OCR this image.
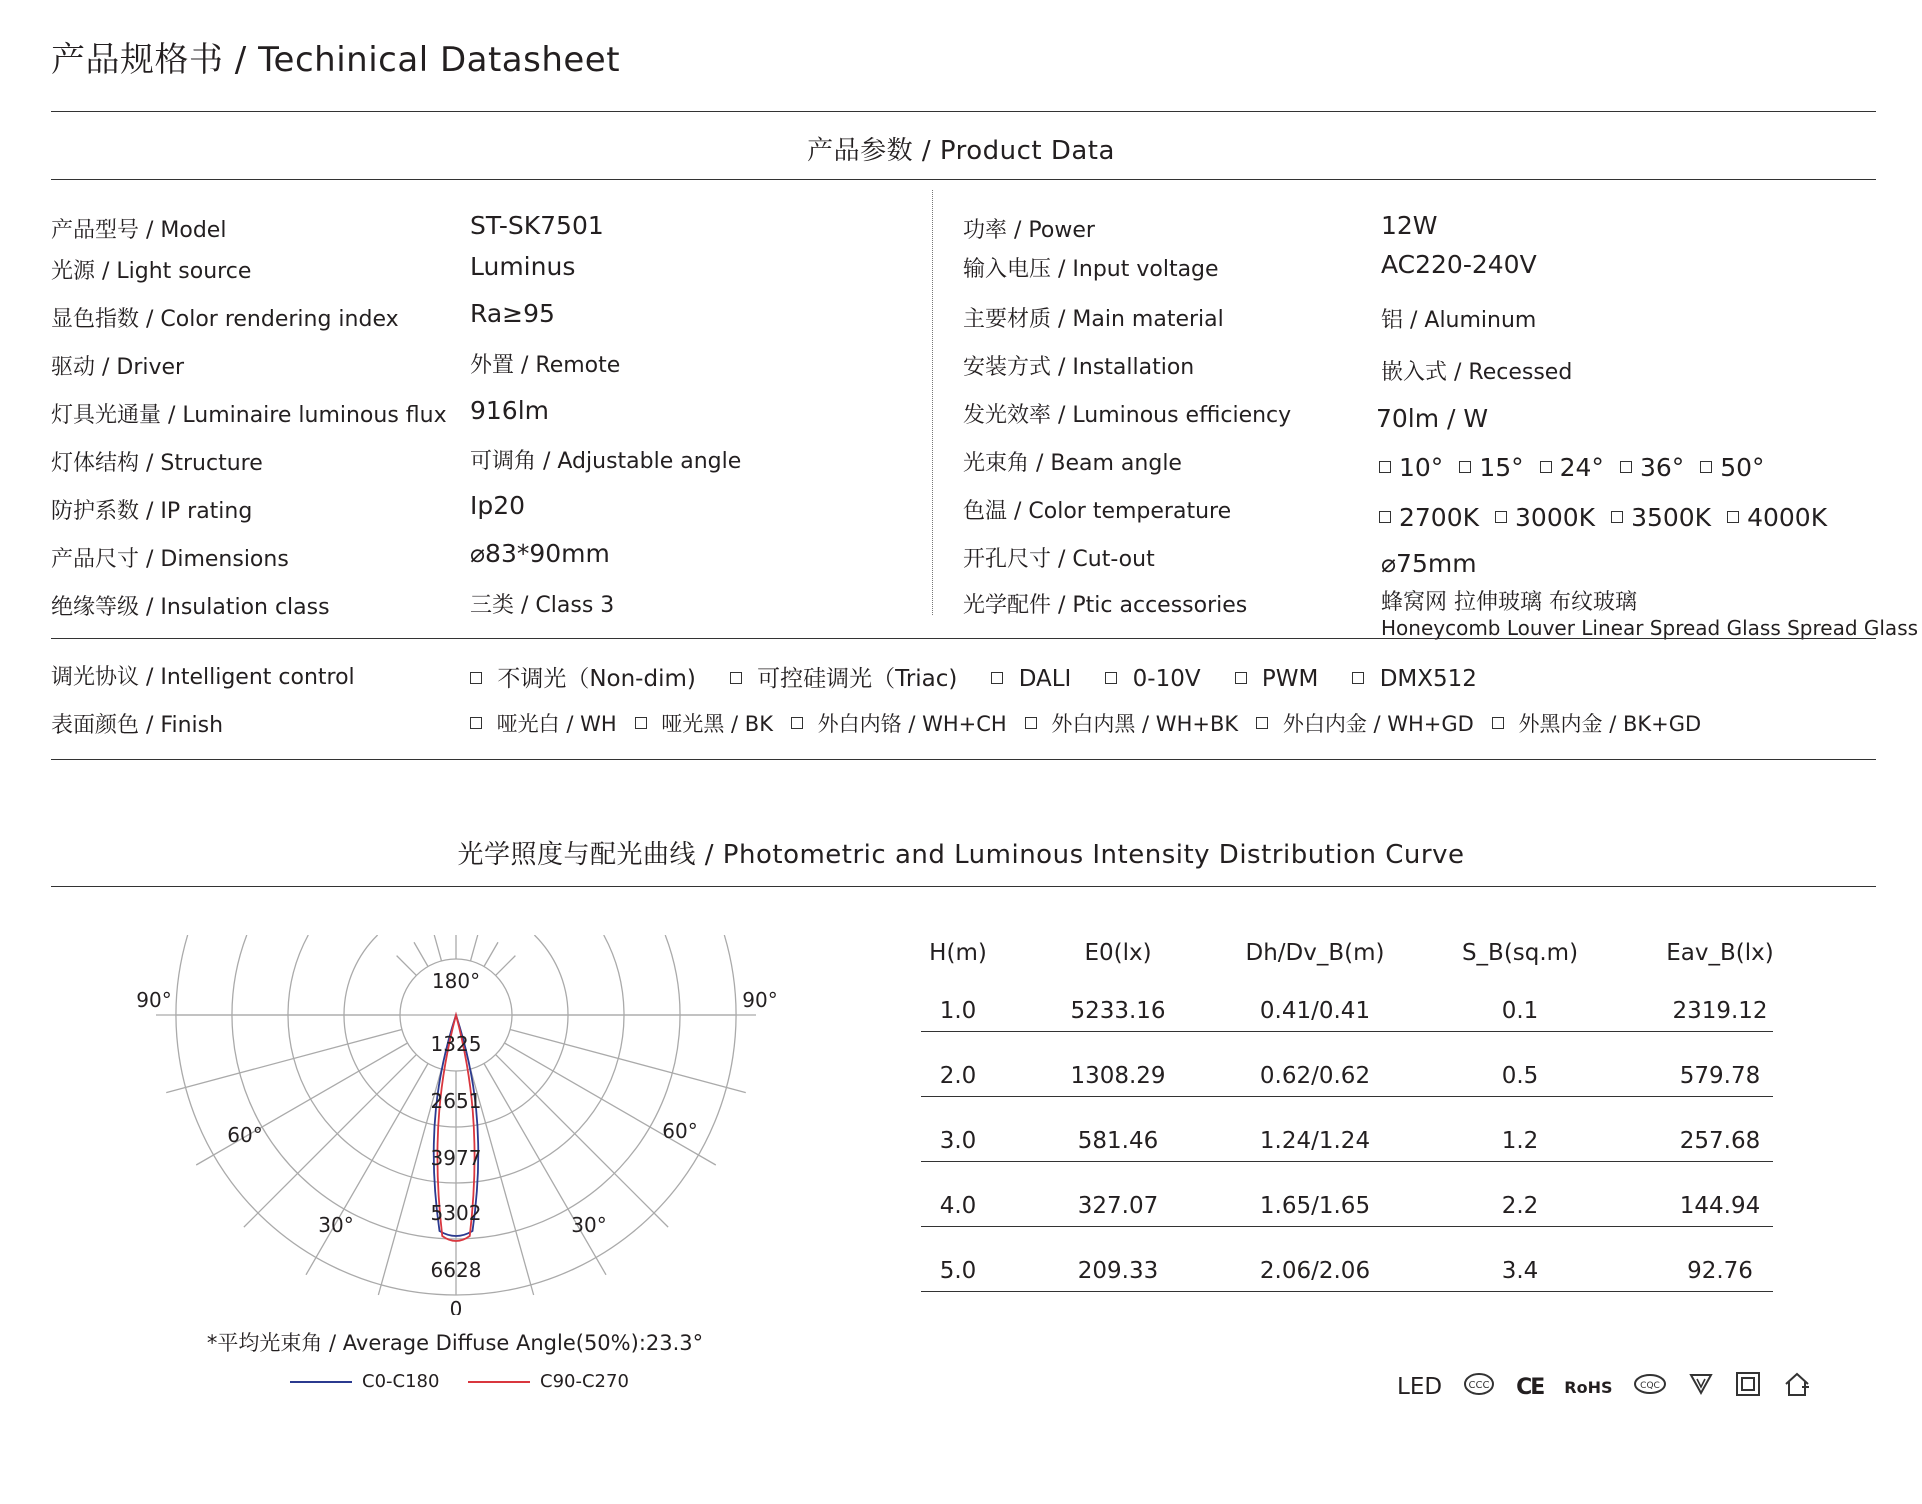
产品规格书 / Techinical Datasheet
产品参数 / Product Data
产品型号 / Model	ST-SK7501
光源 / Light source	Luminus
显色指数 / Color rendering index	Ra≥95
驱动 / Driver	外置 / Remote
灯具光通量 / Luminaire luminous flux 916lm
灯体结构 / Structure	可调角 / Adjustable angle
防护系数 / IP rating	Ip20
产品尺寸 / Dimensions	⌀83*90mm
绝缘等级 / Insulation class	三类 / Class 3
功率 / Power	12W
输入电压 / Input voltage	AC220-240V
主要材质 / Main material	铝 / Aluminum
安装方式 / Installation	嵌入式 / Recessed
发光效率 / Luminous efficiency	70lm / W
光束角 / Beam angle	10° 15° 24° 36° 50°
色温 / Color temperature	2700K 3000K 3500K 4000K
开孔尺寸 / Cut-out	⌀75mm
光学配件 / Ptic accessories	蜂窝网 拉伸玻璃 布纹玻璃
Honeycomb Louver Linear Spread Glass Spread Glass
调光协议 / Intelligent control	不调光（Non-dim)	可控硅调光（Triac)	DALI	0-10V	PWM	DMX512
表面颜色 / Finish	哑光白 / WH 哑光黑 / BK 外白内铬 / WH+CH 外白内黑 / WH+BK 外白内金 / WH+GD 外黑内金 / BK+GD
光学照度与配光曲线 / Photometric and Luminous Intensity Distribution Curve
180°
90°	90°
60°	60°
30°	30°
0
1325
2651
3977
5302
6628
*平均光束角 / Average Diffuse Angle(50%):23.3°
C0-C180	C90-C270
H(m)	E0(lx)	Dh/Dv_B(m)	S_B(sq.m)	Eav_B(lx)
1.0	5233.16	0.41/0.41	0.1	2319.12
2.0	1308.29	0.62/0.62	0.5	579.78
3.0	581.46	1.24/1.24	1.2	257.68
4.0	327.07	1.65/1.65	2.2	144.94
5.0	209.33	2.06/2.06	3.4	92.76
LED	CCC CE RoHS	CQC
